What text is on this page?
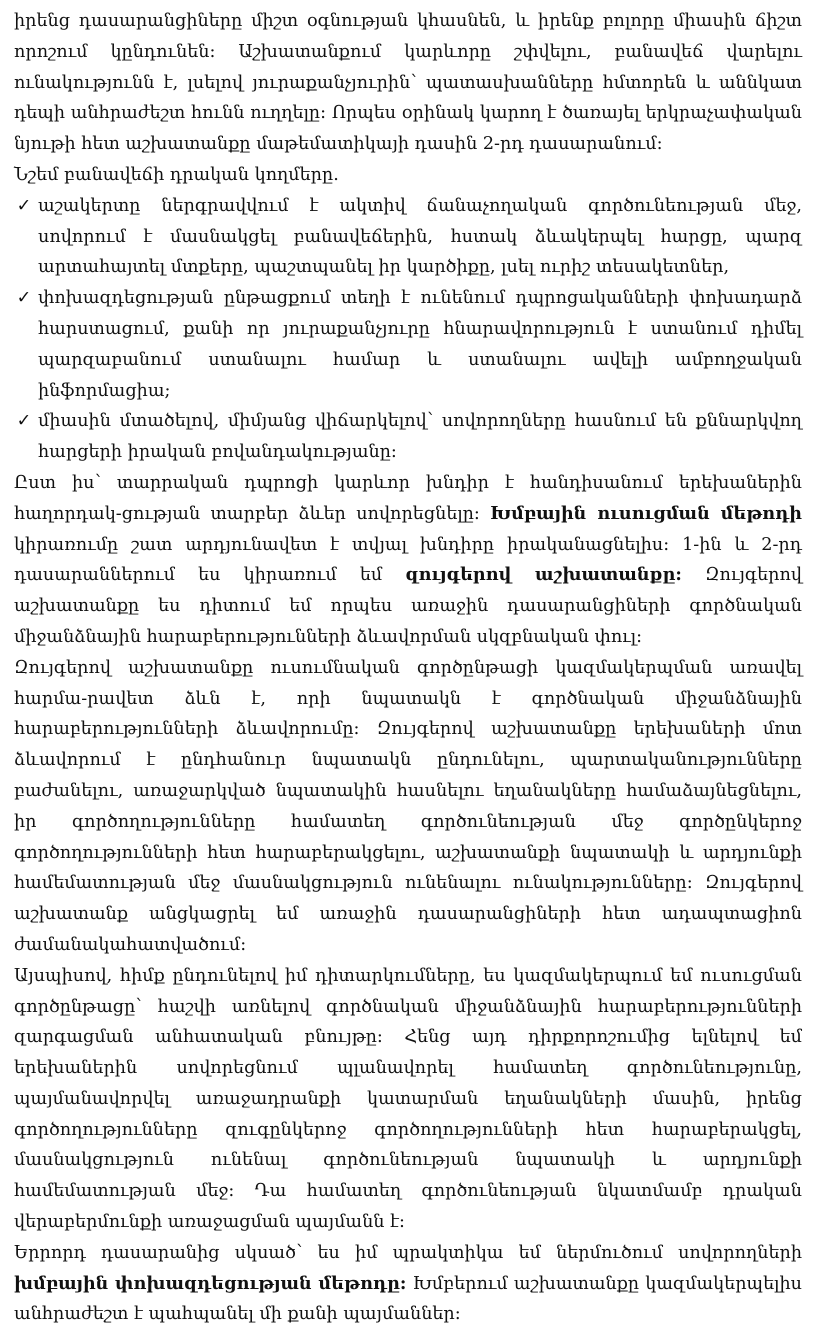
իրենց դասարանցիները միշտ օգնության կհասնեն, և իրենք բոլորը միասին ճիշտ որոշում կընդունեն: Աշխատանքում կարևորը շփվելու, բանավեճ վարելու ունակությունն է, լսելով յուրաքանչյուրին՝ պատասխանները հմտորեն և աննկատ դեպի անհրաժեշտ հունն ուղղելը: Որպես օրինակ կարող է ծառայել երկրաչափական նյութի հետ աշխատանքը մաթեմատիկայի դասին 2-րդ դասարանում:

Նշեմ բանավեճի դրական կողմերը.

✓ աշակերտը ներգրավվում է ակտիվ ճանաչողական գործունեության մեջ, սովորում է մասնակցել բանավեճերին, հստակ ձևակերպել հարցը, պարզ արտահայտել մտքերը, պաշտպանել իր կարծիքը, լսել ուրիշ տեսակետներ,
✓ փոխազդեցության ընթացքում տեղի է ունենում դպրոցականների փոխադարձ հարստացում, քանի որ յուրաքանչյուրը հնարավորություն է ստանում դիմել պարզաբանում ստանալու համար և ստանալու ավելի ամբողջական ինֆորմացիա;
✓ միասին մտածելով, միմյանց վիճարկելով՝ սովորողները հասնում են քննարկվող հարցերի իրական բովանդակությանը:

Ըստ իս՝ տարրական դպրոցի կարևոր խնդիր է հանդիսանում երեխաներին հաղորդակ-ցության տարբեր ձևեր սովորեցնելը: Խմբային ուսուցման մեթոդի կիրառումը շատ արդյունավետ է տվյալ խնդիրը իրականացնելիս: 1-ին և 2-րդ դասարաններում ես կիրառում եմ զույգերով աշխատանքը: Զույգերով աշխատանքը ես դիտում եմ որպես առաջին դասարանցիների գործնական միջանձնային հարաբերությունների ձևավորման սկզբնական փուլ:

Զույգերով աշխատանքը ուսումնական գործընթացի կազմակերպման առավել հարմա-րավետ ձևն է, որի նպատակն է գործնական միջանձնային հարաբերությունների ձևավորումը: Զույգերով աշխատանքը երեխաների մոտ ձևավորում է ընդհանուր նպատակն ընդունելու, պարտականությունները բաժանելու, առաջարկված նպատակին հասնելու եղանակները համաձայնեցնելու, իր գործողությունները համատեղ գործունեության մեջ գործընկերոջ գործողությունների հետ հարաբերակցելու, աշխատանքի նպատակի և արդյունքի համեմատության մեջ մասնակցություն ունենալու ունակությունները: Զույգերով աշխատանք անցկացրել եմ առաջին դասարանցիների հետ ադապտացիոն ժամանակահատվածում:

Այսպիսով, հիմք ընդունելով իմ դիտարկումները, ես կազմակերպում եմ ուսուցման գործընթացը՝ հաշվի առնելով գործնական միջանձնային հարաբերությունների զարգացման անհատական բնույթը: Հենց այդ դիրքորոշումից ելնելով եմ երեխաներին սովորեցնում պլանավորել համատեղ գործունեությունը, պայմանավորվել առաջադրանքի կատարման եղանակների մասին, իրենց գործողությունները զուգընկերոջ գործողությունների հետ հարաբերակցել, մասնակցություն ունենալ գործունեության նպատակի և արդյունքի համեմատության մեջ: Դա համատեղ գործունեության նկատմամբ դրական վերաբերմունքի առաջացման պայմանն է:

Երրորդ դասարանից սկսած՝ ես իմ պրակտիկա եմ ներմուծում սովորողների խմբային փոխազդեցության մեթոդը: Խմբերում աշխատանքը կազմակերպելիս անհրաժեշտ է պահպանել մի քանի պայմաններ:
